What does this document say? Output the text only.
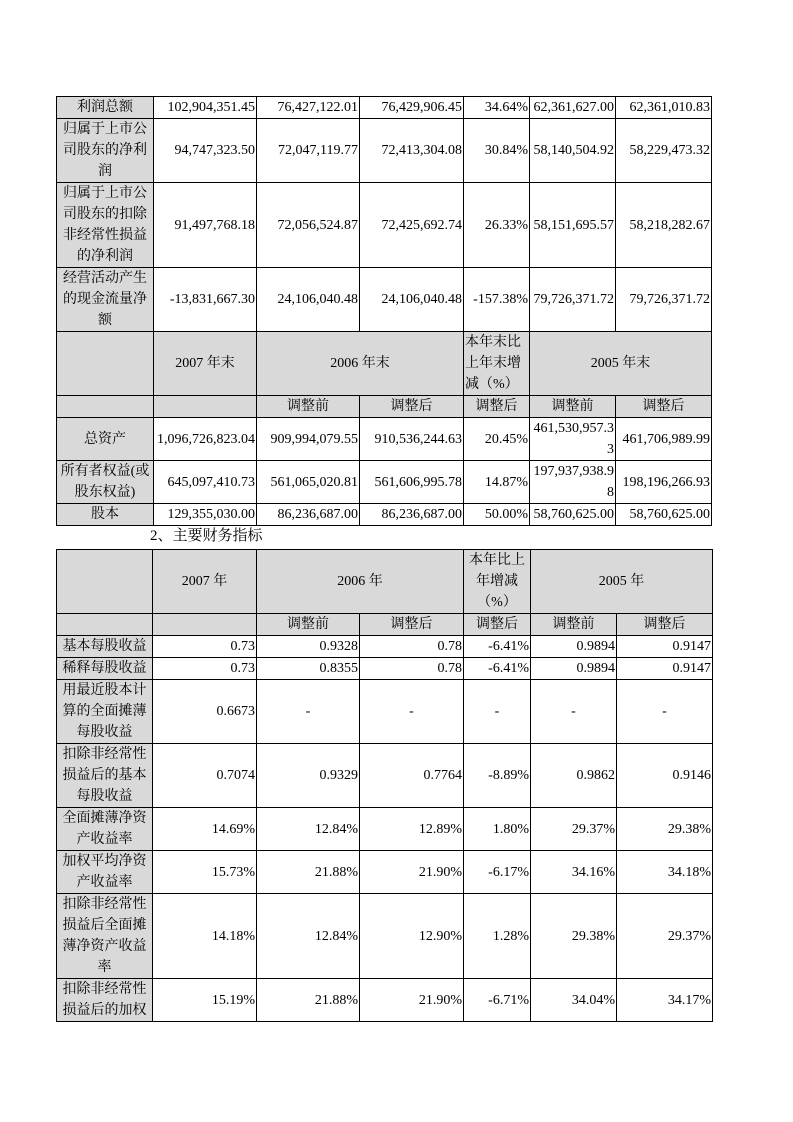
利润总额	102,904,351.45	76,427,122.01	76,429,906.45	34.64%	62,361,627.00	62,361,010.83
归属于上市公司股东的净利润	94,747,323.50	72,047,119.77	72,413,304.08	30.84%	58,140,504.92	58,229,473.32
归属于上市公司股东的扣除非经常性损益的净利润	91,497,768.18	72,056,524.87	72,425,692.74	26.33%	58,151,695.57	58,218,282.67
经营活动产生的现金流量净额	-13,831,667.30	24,106,040.48	24,106,040.48	-157.38%	79,726,371.72	79,726,371.72
	2007 年末	2006 年末		本年末比上年末增减（%）	2005 年末	
		调整前	调整后	调整后	调整前	调整后
总资产	1,096,726,823.04	909,994,079.55	910,536,244.63	20.45%	461,530,957.33	461,706,989.99
所有者权益(或股东权益)	645,097,410.73	561,065,020.81	561,606,995.78	14.87%	197,937,938.98	198,196,266.93
股本	129,355,030.00	86,236,687.00	86,236,687.00	50.00%	58,760,625.00	58,760,625.00
2、主要财务指标
	2007 年	2006 年		本年比上年增减（%）	2005 年	
		调整前	调整后	调整后	调整前	调整后
基本每股收益	0.73	0.9328	0.78	-6.41%	0.9894	0.9147
稀释每股收益	0.73	0.8355	0.78	-6.41%	0.9894	0.9147
用最近股本计算的全面摊薄每股收益	0.6673	-	-	-	-	-
扣除非经常性损益后的基本每股收益	0.7074	0.9329	0.7764	-8.89%	0.9862	0.9146
全面摊薄净资产收益率	14.69%	12.84%	12.89%	1.80%	29.37%	29.38%
加权平均净资产收益率	15.73%	21.88%	21.90%	-6.17%	34.16%	34.18%
扣除非经常性损益后全面摊薄净资产收益率	14.18%	12.84%	12.90%	1.28%	29.38%	29.37%
扣除非经常性损益后的加权	15.19%	21.88%	21.90%	-6.71%	34.04%	34.17%
